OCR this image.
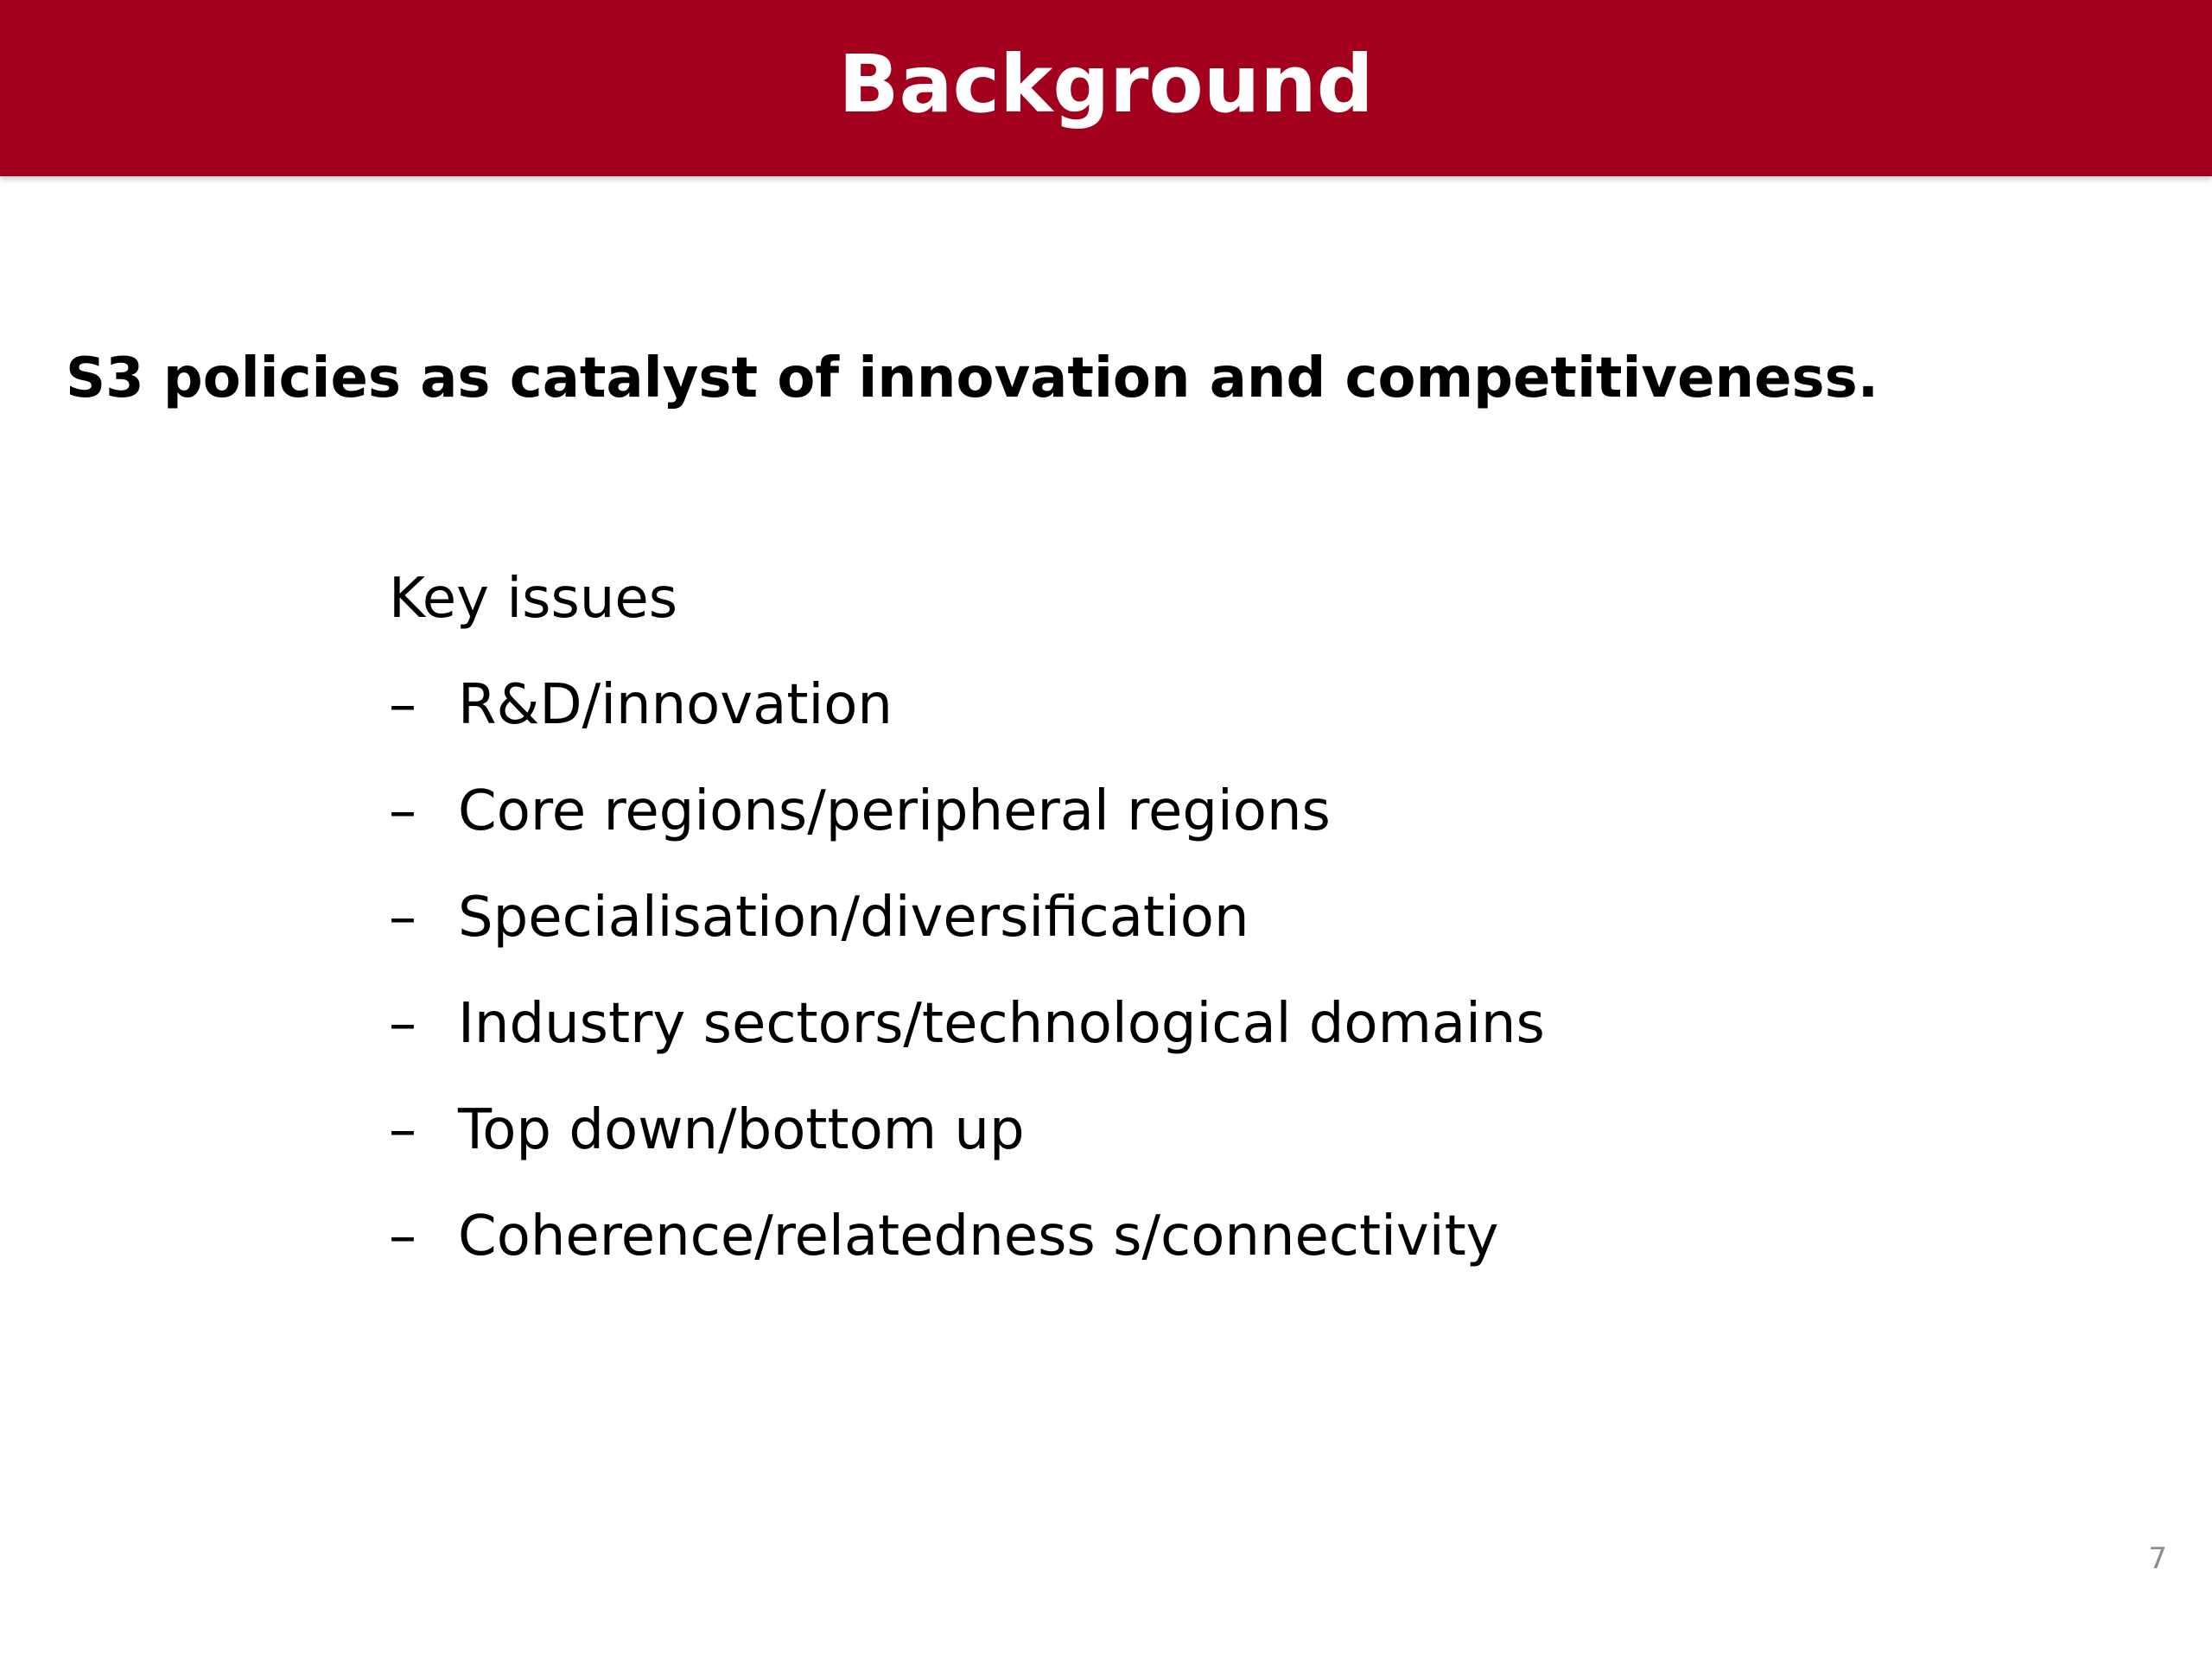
Background
S3 policies as catalyst of innovation and competitiveness.
Key issues
– R&D/innovation
– Core regions/peripheral regions
– Specialisation/diversification
– Industry sectors/technological domains
– Top down/bottom up
– Coherence/relatedness s/connectivity
7
